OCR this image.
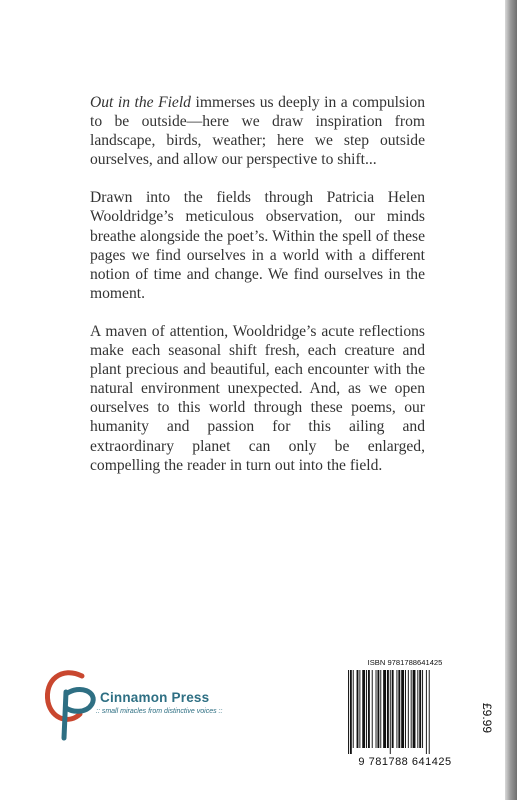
Out in the Field immerses us deeply in a compulsion to be outside—here we draw inspiration from landscape, birds, weather; here we step outside ourselves, and allow our perspective to shift...

Drawn into the fields through Patricia Helen Wooldridge’s meticulous observation, our minds breathe alongside the poet’s. Within the spell of these pages we find ourselves in a world with a different notion of time and change. We find ourselves in the moment.

A maven of attention, Wooldridge’s acute reflections make each seasonal shift fresh, each creature and plant precious and beautiful, each encounter with the natural environment unexpected. And, as we open ourselves to this world through these poems, our humanity and passion for this ailing and extraordinary planet can only be enlarged, compelling the reader in turn out into the field.

Cinnamon Press
:: small miracles from distinctive voices ::
ISBN 9781788641425
9 781788 641425
£9.99
